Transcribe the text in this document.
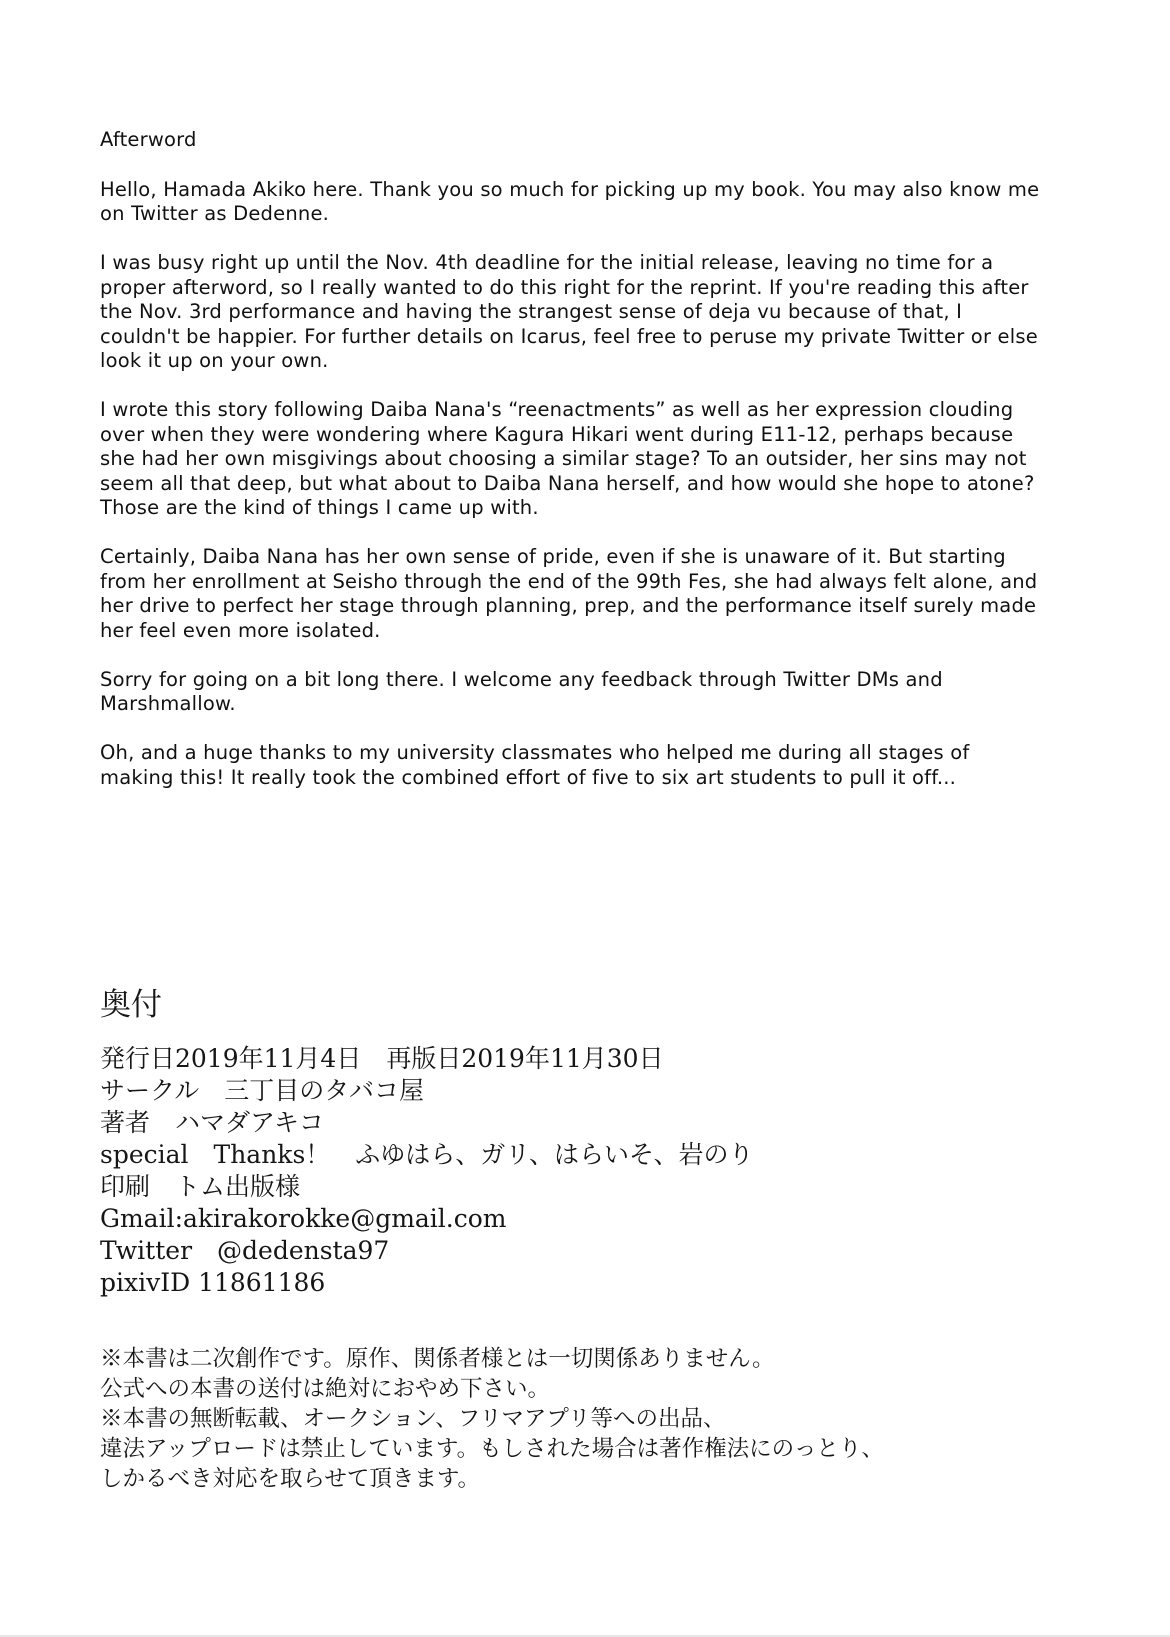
Afterword

Hello, Hamada Akiko here. Thank you so much for picking up my book. You may also know me on Twitter as Dedenne.

I was busy right up until the Nov. 4th deadline for the initial release, leaving no time for a proper afterword, so I really wanted to do this right for the reprint. If you're reading this after the Nov. 3rd performance and having the strangest sense of deja vu because of that, I couldn't be happier. For further details on Icarus, feel free to peruse my private Twitter or else look it up on your own.

I wrote this story following Daiba Nana's “reenactments” as well as her expression clouding over when they were wondering where Kagura Hikari went during E11-12, perhaps because she had her own misgivings about choosing a similar stage? To an outsider, her sins may not seem all that deep, but what about to Daiba Nana herself, and how would she hope to atone? Those are the kind of things I came up with.

Certainly, Daiba Nana has her own sense of pride, even if she is unaware of it. But starting from her enrollment at Seisho through the end of the 99th Fes, she had always felt alone, and her drive to perfect her stage through planning, prep, and the performance itself surely made her feel even more isolated.

Sorry for going on a bit long there. I welcome any feedback through Twitter DMs and Marshmallow.

Oh, and a huge thanks to my university classmates who helped me during all stages of making this! It really took the combined effort of five to six art students to pull it off...

奥付
発行日2019年11月4日　再版日2019年11月30日
サークル　三丁目のタバコ屋
著者　ハマダアキコ
special　Thanks！　ふゆはら、ガリ、はらいそ、岩のり
印刷　トム出版様
Gmail:akirakorokke@gmail.com
Twitter　@dedensta97
pixivID 11861186
※本書は二次創作です。原作、関係者様とは一切関係ありません。
公式への本書の送付は絶対におやめ下さい。
※本書の無断転載、オークション、フリマアプリ等への出品、
違法アップロードは禁止しています。もしされた場合は著作権法にのっとり、
しかるべき対応を取らせて頂きます。
